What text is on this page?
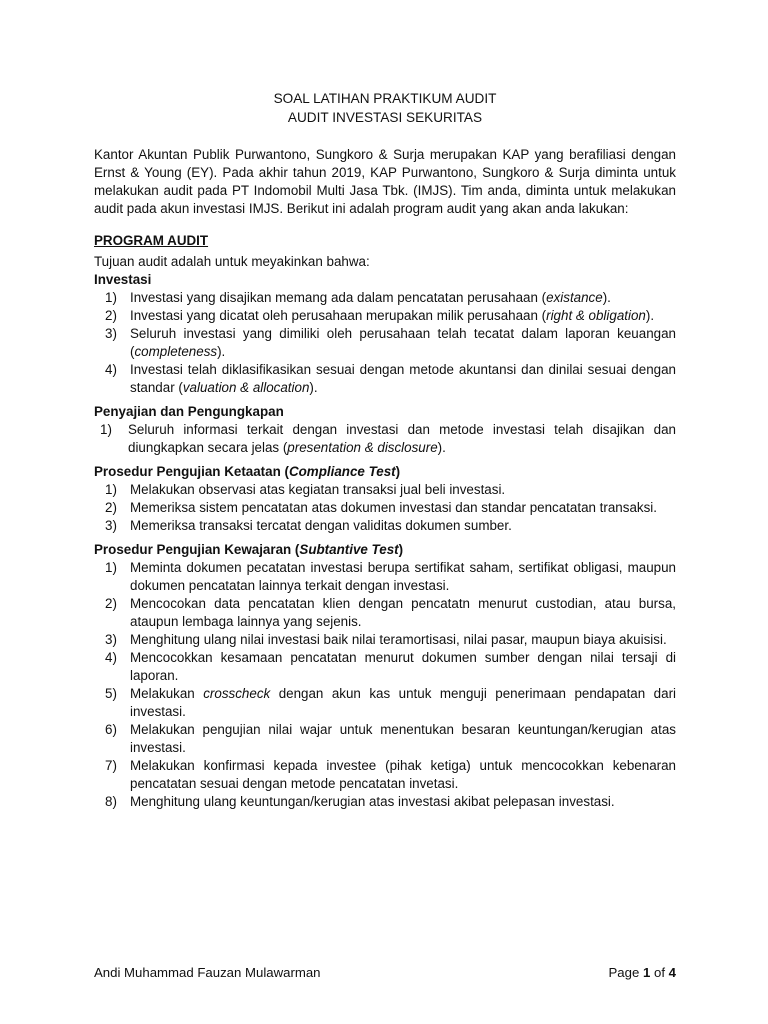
SOAL LATIHAN PRAKTIKUM AUDIT
AUDIT INVESTASI SEKURITAS

Kantor Akuntan Publik Purwantono, Sungkoro & Surja merupakan KAP yang berafiliasi dengan Ernst & Young (EY). Pada akhir tahun 2019, KAP Purwantono, Sungkoro & Surja diminta untuk melakukan audit pada PT Indomobil Multi Jasa Tbk. (IMJS). Tim anda, diminta untuk melakukan audit pada akun investasi IMJS. Berikut ini adalah program audit yang akan anda lakukan:

PROGRAM AUDIT

Tujuan audit adalah untuk meyakinkan bahwa:

Investasi

1) Investasi yang disajikan memang ada dalam pencatatan perusahaan (existance).
2) Investasi yang dicatat oleh perusahaan merupakan milik perusahaan (right & obligation).
3) Seluruh investasi yang dimiliki oleh perusahaan telah tecatat dalam laporan keuangan (completeness).
4) Investasi telah diklasifikasikan sesuai dengan metode akuntansi dan dinilai sesuai dengan standar (valuation & allocation).

Penyajian dan Pengungkapan

1) Seluruh informasi terkait dengan investasi dan metode investasi telah disajikan dan diungkapkan secara jelas (presentation & disclosure).

Prosedur Pengujian Ketaatan (Compliance Test)

1) Melakukan observasi atas kegiatan transaksi jual beli investasi.
2) Memeriksa sistem pencatatan atas dokumen investasi dan standar pencatatan transaksi.
3) Memeriksa transaksi tercatat dengan validitas dokumen sumber.

Prosedur Pengujian Kewajaran (Subtantive Test)

1) Meminta dokumen pecatatan investasi berupa sertifikat saham, sertifikat obligasi, maupun dokumen pencatatan lainnya terkait dengan investasi.
2) Mencocokan data pencatatan klien dengan pencatatn menurut custodian, atau bursa, ataupun lembaga lainnya yang sejenis.
3) Menghitung ulang nilai investasi baik nilai teramortisasi, nilai pasar, maupun biaya akuisisi.
4) Mencocokkan kesamaan pencatatan menurut dokumen sumber dengan nilai tersaji di laporan.
5) Melakukan crosscheck dengan akun kas untuk menguji penerimaan pendapatan dari investasi.
6) Melakukan pengujian nilai wajar untuk menentukan besaran keuntungan/kerugian atas investasi.
7) Melakukan konfirmasi kepada investee (pihak ketiga) untuk mencocokkan kebenaran pencatatan sesuai dengan metode pencatatan invetasi.
8) Menghitung ulang keuntungan/kerugian atas investasi akibat pelepasan investasi.
Andi Muhammad Fauzan Mulawarman	Page 1 of 4
